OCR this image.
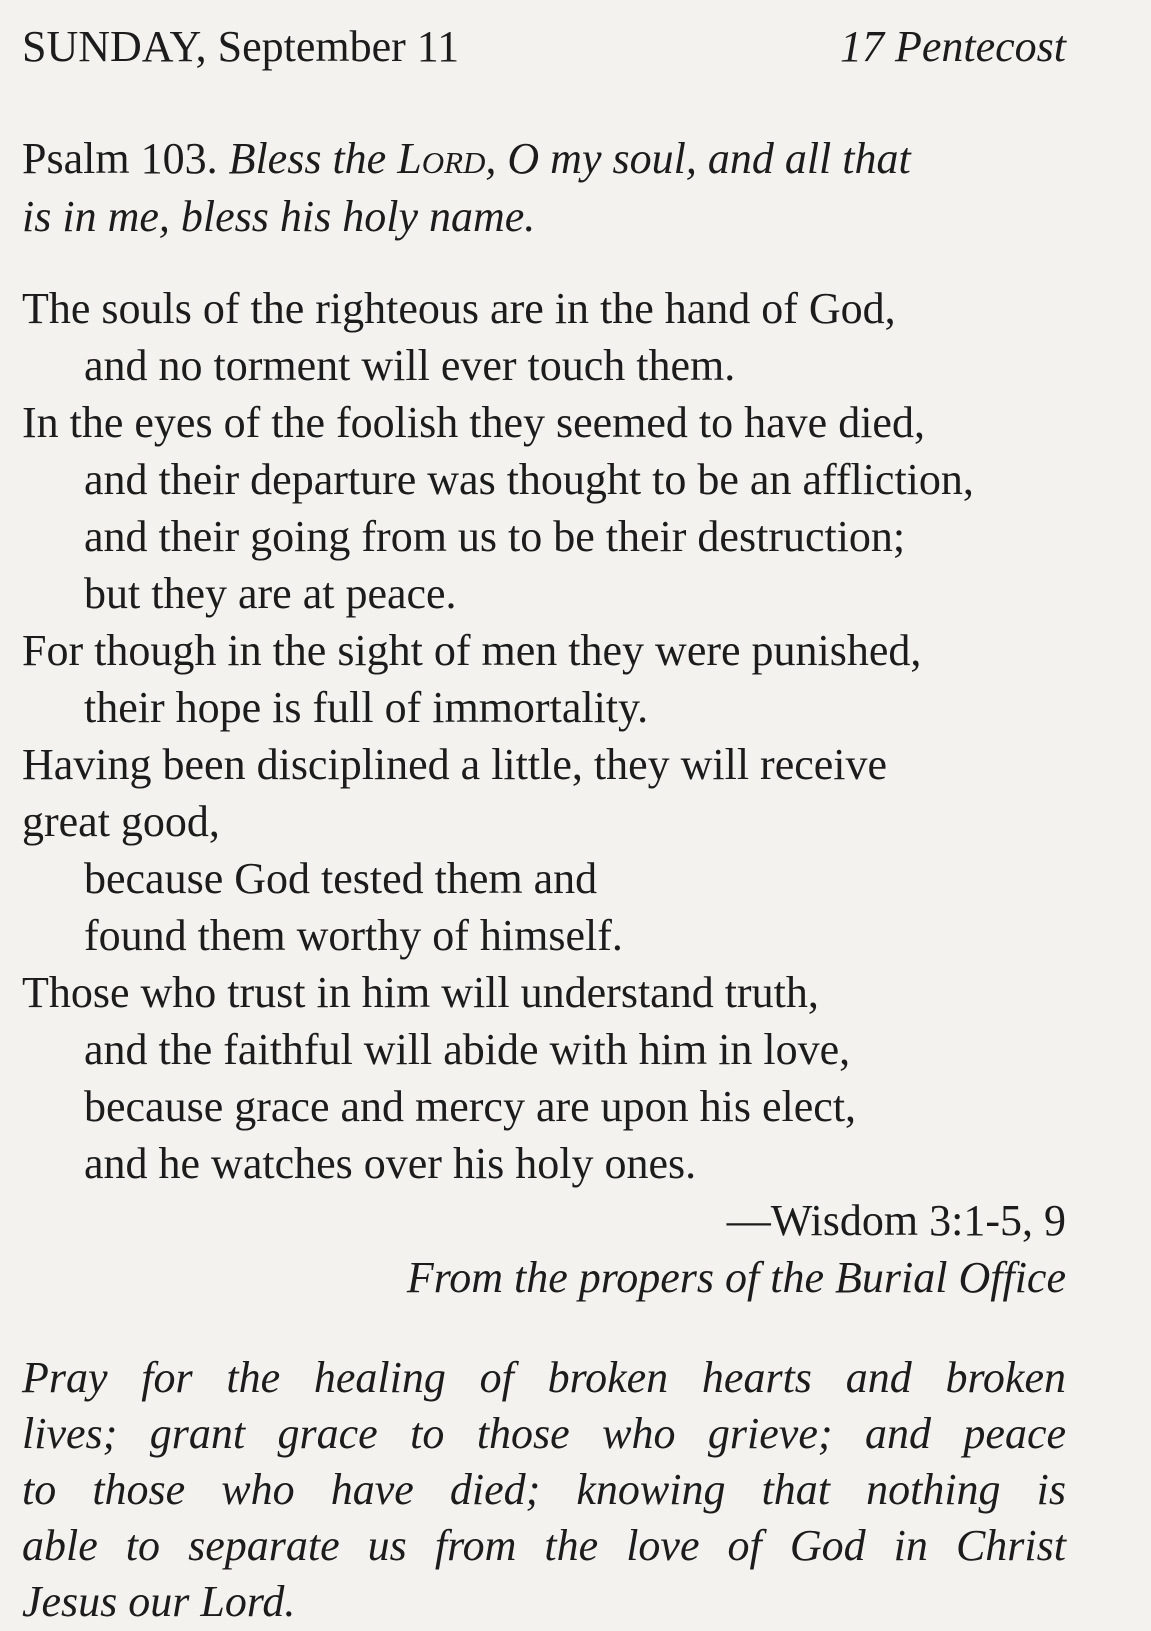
SUNDAY, September 11	17 Pentecost
Psalm 103. Bless the Lord, O my soul, and all that
is in me, bless his holy name.
The souls of the righteous are in the hand of God,
and no torment will ever touch them.
In the eyes of the foolish they seemed to have died,
and their departure was thought to be an affliction,
and their going from us to be their destruction;
but they are at peace.
For though in the sight of men they were punished,
their hope is full of immortality.
Having been disciplined a little, they will receive
great good,
because God tested them and
found them worthy of himself.
Those who trust in him will understand truth,
and the faithful will abide with him in love,
because grace and mercy are upon his elect,
and he watches over his holy ones.
—Wisdom 3:1-5, 9
From the propers of the Burial Office
Pray for the healing of broken hearts and broken
lives; grant grace to those who grieve; and peace
to those who have died; knowing that nothing is
able to separate us from the love of God in Christ
Jesus our Lord.
